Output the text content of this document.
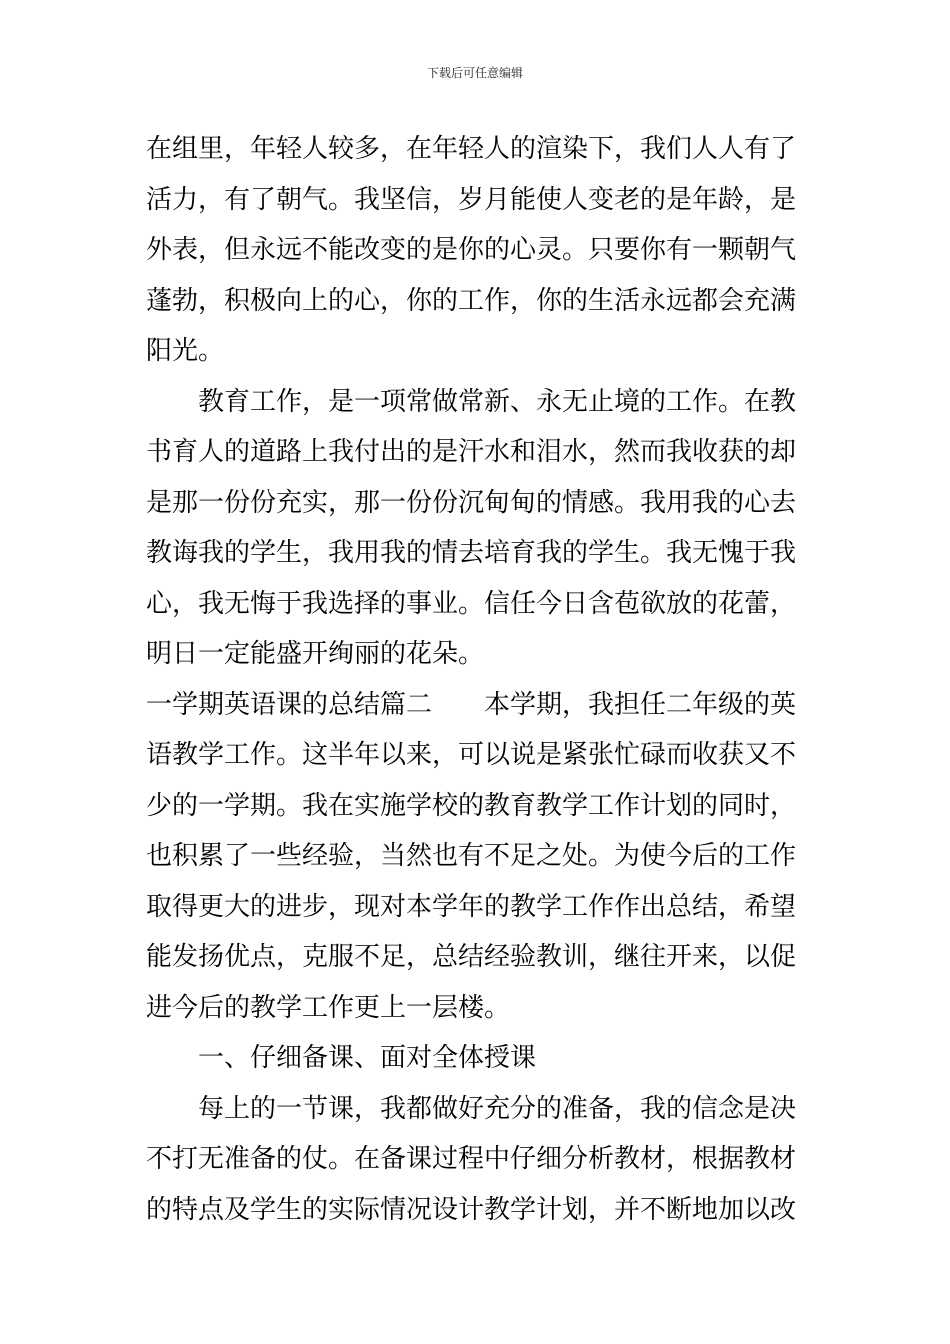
下载后可任意编辑
在组里，年轻人较多，在年轻人的渲染下，我们人人有了
活力，有了朝气。我坚信，岁月能使人变老的是年龄，是
外表，但永远不能改变的是你的心灵。只要你有一颗朝气
蓬勃，积极向上的心，你的工作，你的生活永远都会充满
阳光。
教育工作，是一项常做常新、永无止境的工作。在教
书育人的道路上我付出的是汗水和泪水，然而我收获的却
是那一份份充实，那一份份沉甸甸的情感。我用我的心去
教诲我的学生，我用我的情去培育我的学生。我无愧于我
心，我无悔于我选择的事业。信任今日含苞欲放的花蕾，
明日一定能盛开绚丽的花朵。
一学期英语课的总结篇二　　本学期，我担任二年级的英
语教学工作。这半年以来，可以说是紧张忙碌而收获又不
少的一学期。我在实施学校的教育教学工作计划的同时，
也积累了一些经验，当然也有不足之处。为使今后的工作
取得更大的进步，现对本学年的教学工作作出总结，希望
能发扬优点，克服不足，总结经验教训，继往开来，以促
进今后的教学工作更上一层楼。
一、仔细备课、面对全体授课
每上的一节课，我都做好充分的准备，我的信念是决
不打无准备的仗。在备课过程中仔细分析教材，根据教材
的特点及学生的实际情况设计教学计划，并不断地加以改
